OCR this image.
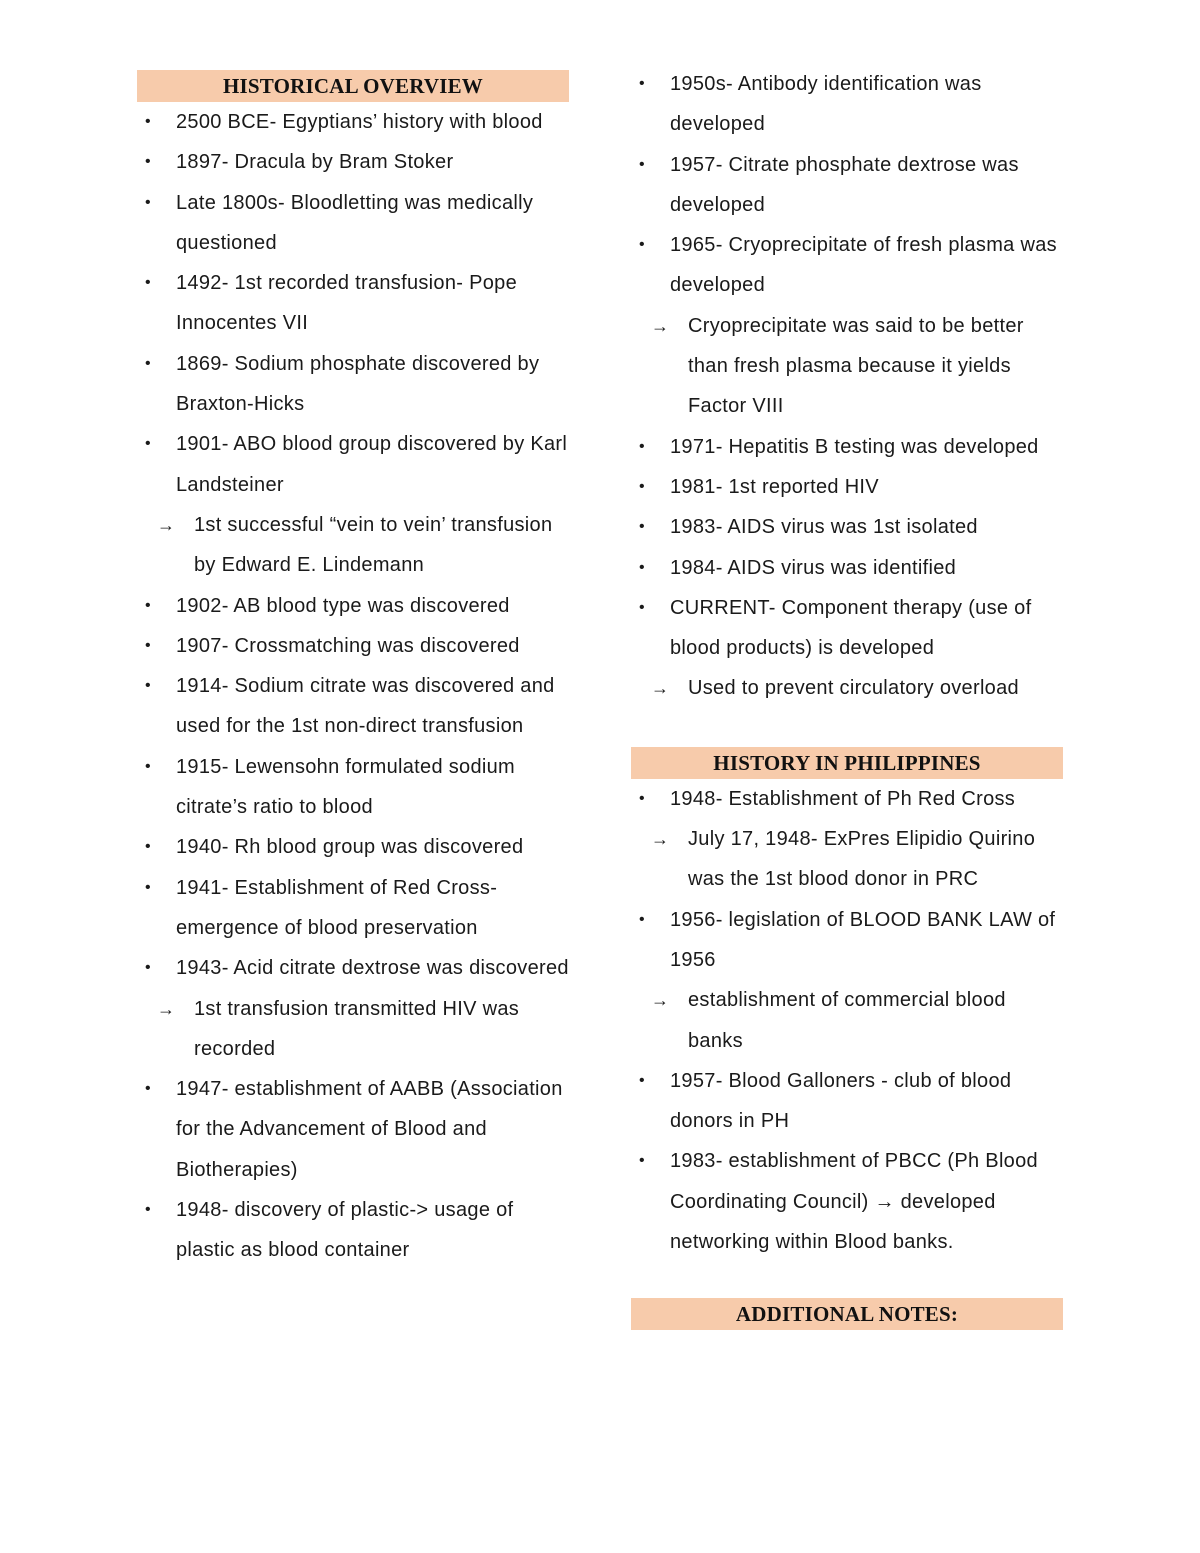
HISTORICAL OVERVIEW
• 2500 BCE- Egyptians’ history with blood
• 1897- Dracula by Bram Stoker
• Late 1800s- Bloodletting was medically questioned
• 1492- 1st recorded transfusion- Pope Innocentes VII
• 1869- Sodium phosphate discovered by Braxton-Hicks
• 1901- ABO blood group discovered by Karl Landsteiner
→ 1st successful “vein to vein’ transfusion by Edward E. Lindemann
• 1902- AB blood type was discovered
• 1907- Crossmatching was discovered
• 1914- Sodium citrate was discovered and used for the 1st non-direct transfusion
• 1915- Lewensohn formulated sodium citrate’s ratio to blood
• 1940- Rh blood group was discovered
• 1941- Establishment of Red Cross- emergence of blood preservation
• 1943- Acid citrate dextrose was discovered
→ 1st transfusion transmitted HIV was recorded
• 1947- establishment of AABB (Association for the Advancement of Blood and Biotherapies)
• 1948- discovery of plastic-> usage of plastic as blood container
• 1950s- Antibody identification was developed
• 1957- Citrate phosphate dextrose was developed
• 1965- Cryoprecipitate of fresh plasma was developed
→ Cryoprecipitate was said to be better than fresh plasma because it yields Factor VIII
• 1971- Hepatitis B testing was developed
• 1981- 1st reported HIV
• 1983- AIDS virus was 1st isolated
• 1984- AIDS virus was identified
• CURRENT- Component therapy (use of blood products) is developed
→ Used to prevent circulatory overload
HISTORY IN PHILIPPINES
• 1948- Establishment of Ph Red Cross
→ July 17, 1948- ExPres Elipidio Quirino was the 1st blood donor in PRC
• 1956- legislation of BLOOD BANK LAW of 1956
→ establishment of commercial blood banks
• 1957- Blood Galloners - club of blood donors in PH
• 1983- establishment of PBCC (Ph Blood Coordinating Council) → developed networking within Blood banks.
ADDITIONAL NOTES:
